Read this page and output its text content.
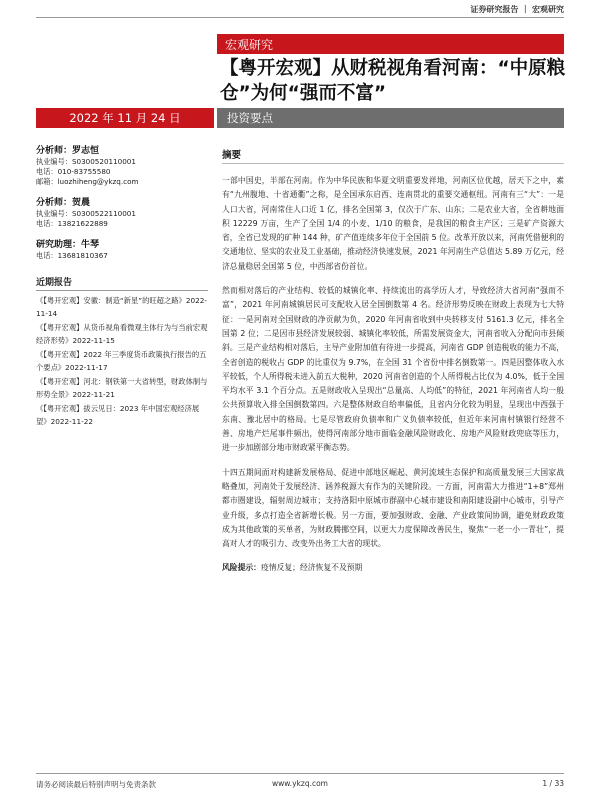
证券研究报告 ｜ 宏观研究
宏观研究
【粤开宏观】从财税视角看河南：“中原粮仓”为何“强而不富”
2022 年 11 月 24 日	投资要点
分析师：罗志恒
执业编号：S0300520110001
电话：010-83755580
邮箱：luozhiheng@ykzq.com
分析师：贺晨
执业编号：S0300522110001
电话：13821622889
研究助理：牛琴
电话：13681810367
近期报告
《【粤开宏观】安徽：制造“新星”的旺超之路》2022-11-14
《【粤开宏观】从货币视角看微观主体行为与当前宏观经济形势》2022-11-15
《【粤开宏观】2022 年三季度货币政策执行报告的五个要点》2022-11-17
《【粤开宏观】河北：钢铁第一大省转型，财政体制与形势全景》2022-11-21
《【粤开宏观】拔云见日：2023 年中国宏观经济展望》2022-11-22
摘要

一部中国史，半部在河南。作为中华民族和华夏文明重要发祥地，河南区位优越，居天下之中，素有“九州腹地、十省通衢”之称，是全国承东启西、连南贯北的重要交通枢纽。河南有三“大”：一是人口大省，河南常住人口近 1 亿，排名全国第 3，仅次于广东、山东；二是农业大省，全省耕地面积 12229 万亩，生产了全国 1/4 的小麦、1/10 的粮食，是我国的粮食主产区；三是矿产资源大省，全省已发现的矿种 144 种，矿产值连续多年位于全国前 5 位。改革开放以来，河南凭借便利的交通地位、坚实的农业及工业基础，推动经济快速发展，2021 年河南生产总值达 5.89 万亿元，经济总量稳居全国第 5 位，中西部省份首位。

然而相对落后的产业结构、较低的城镇化率、持续流出的高学历人才，导致经济大省河南“强而不富”，2021 年河南城镇居民可支配收入居全国倒数第 4 名。经济形势反映在财政上表现为七大特征：一是河南对全国财政的净贡献为负，2020 年河南省收到中央转移支付 5161.3 亿元，排名全国第 2 位；二是因市县经济发展较弱、城镇化率较低，所需发展资金大，河南省收入分配向市县倾斜。三是产业结构相对落后，主导产业附加值有待进一步提高，河南省 GDP 创造税收的能力不高，全省创造的税收占 GDP 的比重仅为 9.7%，在全国 31 个省份中排名倒数第一。四是因整体收入水平较低，个人所得税未进入前五大税种，2020 河南省创造的个人所得税占比仅为 4.0%，低于全国平均水平 3.1 个百分点。五是财政收入呈现出“总量高、人均低”的特征，2021 年河南省人均一般公共预算收入排全国倒数第四。六是整体财政自给率偏低，且省内分化较为明显，呈现出中西强于东南、豫北居中的格局。七是尽管政府负债率和广义负债率较低，但近年来河南村镇银行经营不善、房地产烂尾事件频出，使得河南部分地市面临金融风险财政化、房地产风险财政兜底等压力，进一步加剧部分地市财政紧平衡态势。

十四五期间面对构建新发展格局、促进中部地区崛起、黄河流域生态保护和高质量发展三大国家战略叠加，河南处于发展经济、涵养税源大有作为的关键阶段。一方面，河南需大力推进“1+8”郑州都市圈建设，辐射周边城市；支持洛阳中原城市群副中心城市建设和南阳建设副中心城市，引导产业升级，多点打造全省新增长极。另一方面，要加强财政、金融、产业政策间协调，避免财政政策成为其他政策的买单者，为财政腾挪空间，以更大力度保障改善民生，聚焦“一老一小一青壮”，提高对人才的吸引力、改变外出务工大省的现状。

风险提示：疫情反复；经济恢复不及预期
请务必阅读最后特别声明与免责条款	www.ykzq.com	1 / 33
